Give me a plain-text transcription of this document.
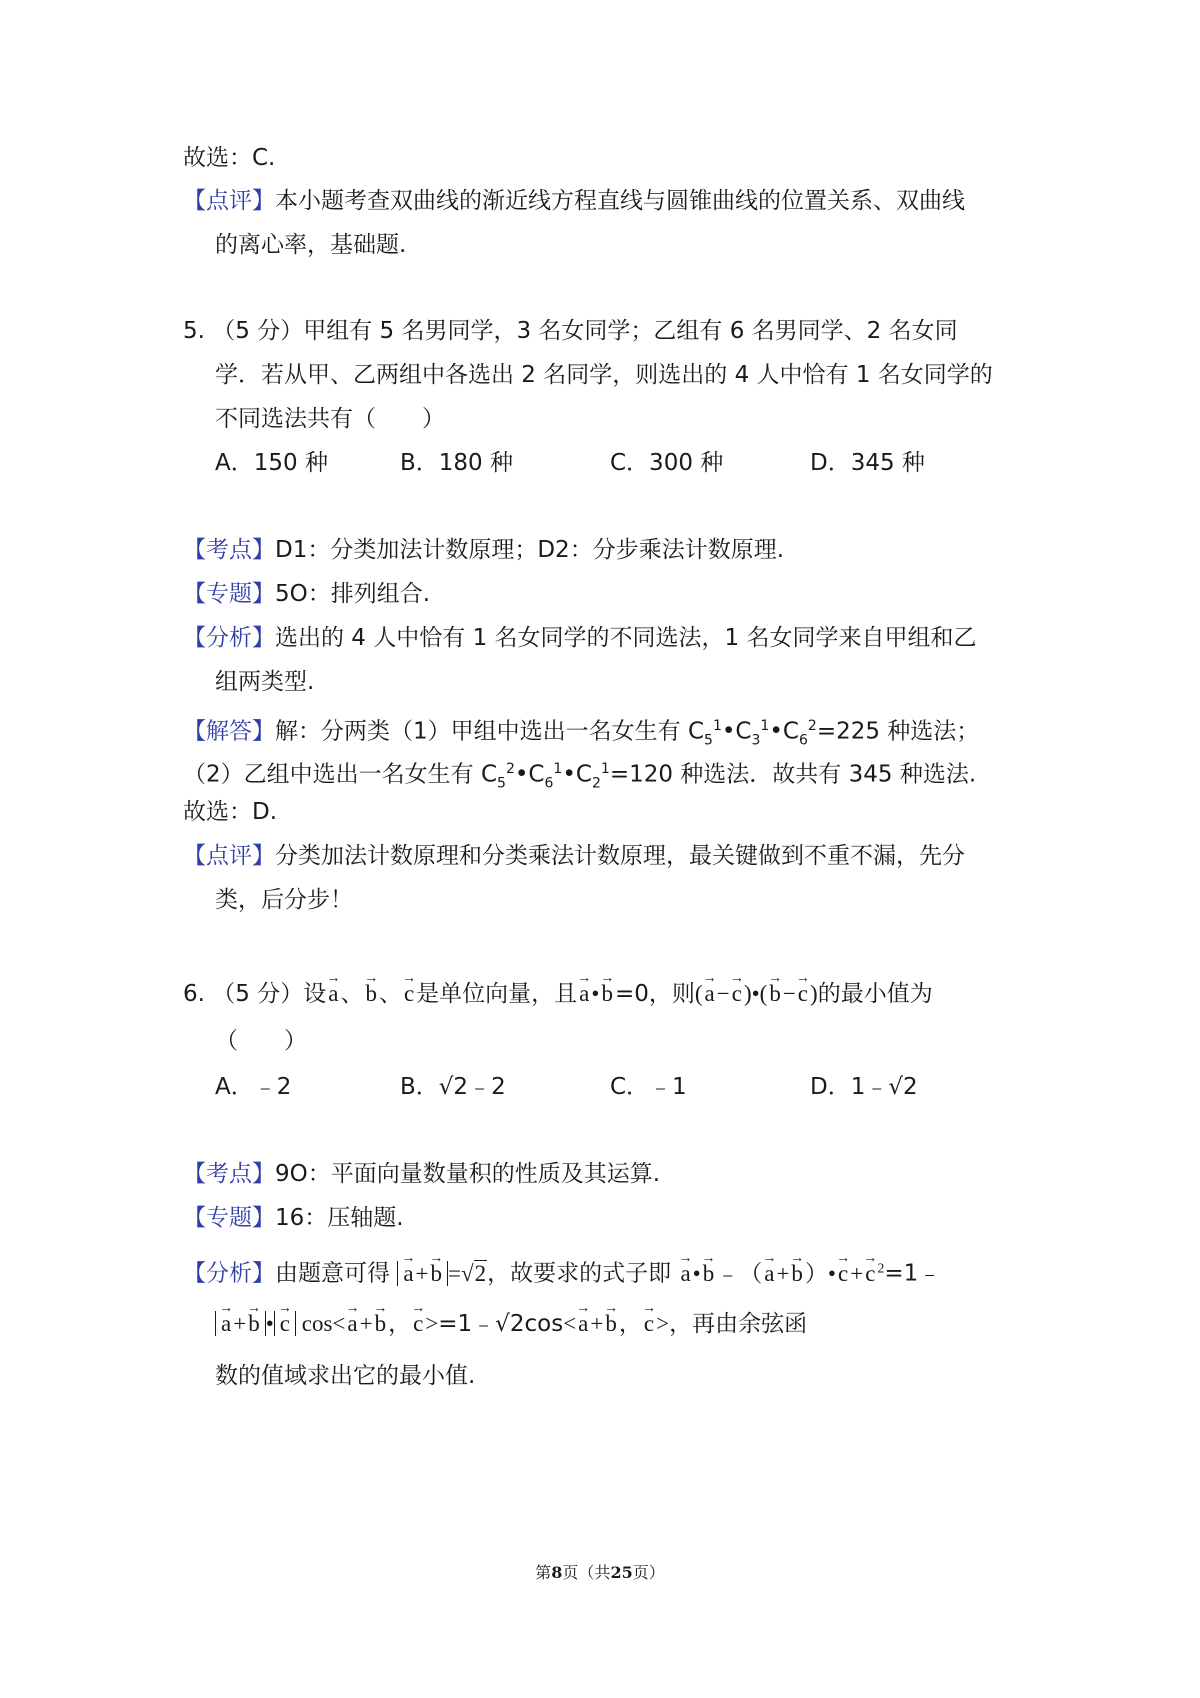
故选：C.
【点评】本小题考查双曲线的渐近线方程直线与圆锥曲线的位置关系、双曲线
的离心率，基础题.
5. （5 分）甲组有 5 名男同学，3 名女同学；乙组有 6 名男同学、2 名女同
学．若从甲、乙两组中各选出 2 名同学，则选出的 4 人中恰有 1 名女同学的
不同选法共有（　　）
A．150 种	B．180 种	C．300 种	D．345 种
【考点】D1：分类加法计数原理；D2：分步乘法计数原理.
【专题】5O：排列组合.
【分析】选出的 4 人中恰有 1 名女同学的不同选法，1 名女同学来自甲组和乙
组两类型.
【解答】解：分两类（1）甲组中选出一名女生有 $C_5^1•C_3^1•C_6^2=225$ 种选法；
（2）乙组中选出一名女生有 $C_5^2•C_6^1•C_2^1=120$ 种选法．故共有 345 种选法.
故选：D.
【点评】分类加法计数原理和分类乘法计数原理，最关键做到不重不漏，先分
类，后分步！
6. （5 分）设→ a、→ b、→ c是单位向量，且→ a•→ b=0，则(→ a−→ c)•(→ b−→ c)的最小值为
（　　）
A．﹣2	B．√2﹣2	C．﹣1	D．1﹣√2
【考点】9O：平面向量数量积的性质及其运算.
【专题】16：压轴题.
【分析】由题意可得 → a+→ b =√2，故要求的式子即 → a•→ b﹣（→ a+→ b）•→ c+→ c $^2$=1﹣
→ a+→ b • → c cos<→ a+→ b，→ c>=1﹣√2cos<→ a+→ b，→ c>，再由余弦函
数的值域求出它的最小值.
第8页（共25页）
